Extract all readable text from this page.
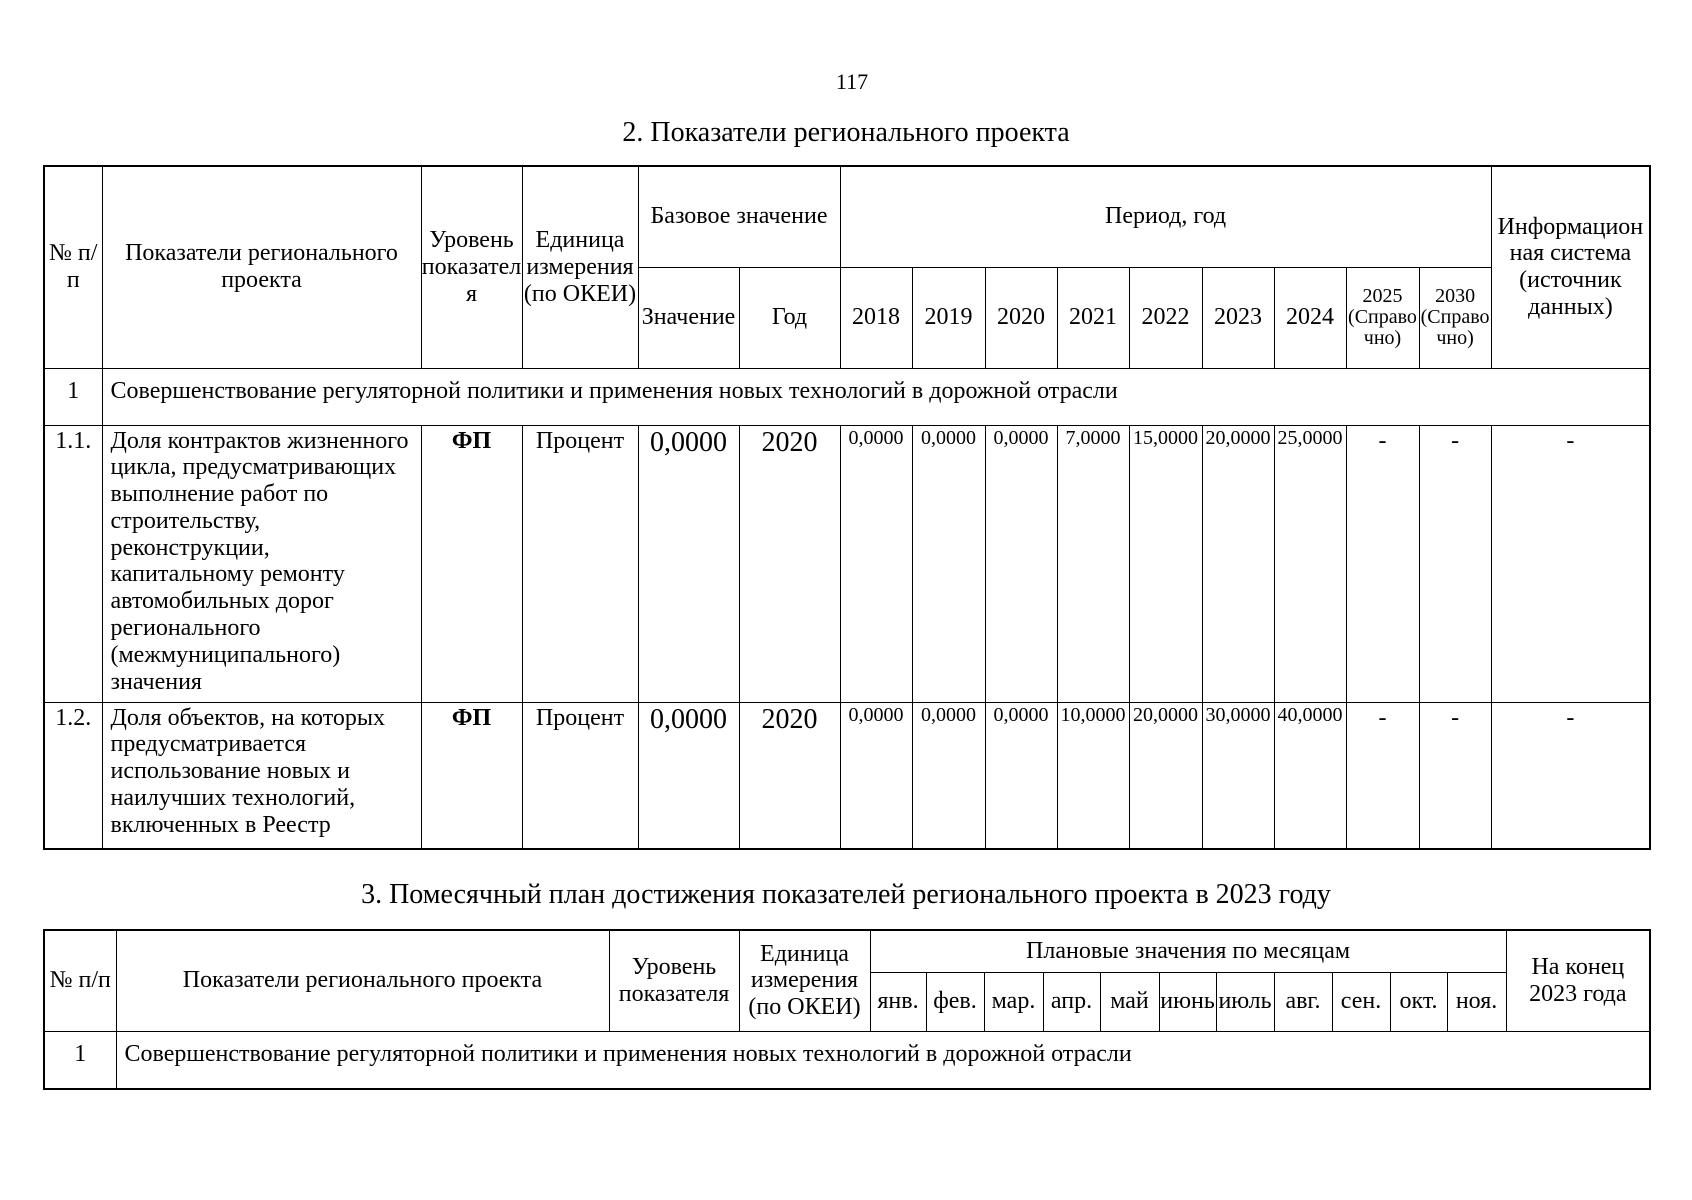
117
2. Показатели регионального проекта
№ п/п	Показатели регионального проекта	Уровень показателя	Единица измерения (по ОКЕИ)	Базовое значение		Период, год									Информационная система (источник данных)
				Значение	Год	2018	2019	2020	2021	2022	2023	2024	2025 (Справочно)	2030 (Справочно)	
1	Совершенствование регуляторной политики и применения новых технологий в дорожной отрасли														
1.1.	Доля контрактов жизненного цикла, предусматривающих выполнение работ по строительству, реконструкции, капитальному ремонту автомобильных дорог регионального (межмуниципального) значения	ФП	Процент	0,0000	2020	0,0000	0,0000	0,0000	7,0000	15,0000	20,0000	25,0000	-	-	-
1.2.	Доля объектов, на которых предусматривается использование новых и наилучших технологий, включенных в Реестр	ФП	Процент	0,0000	2020	0,0000	0,0000	0,0000	10,0000	20,0000	30,0000	40,0000	-	-	-
3. Помесячный план достижения показателей регионального проекта в 2023 году
№ п/п	Показатели регионального проекта	Уровень показателя	Единица измерения (по ОКЕИ)	Плановые значения по месяцам											На конец 2023 года
				янв.	фев.	мар.	апр.	май	июнь	июль	авг.	сен.	окт.	ноя.	
1	Совершенствование регуляторной политики и применения новых технологий в дорожной отрасли														
